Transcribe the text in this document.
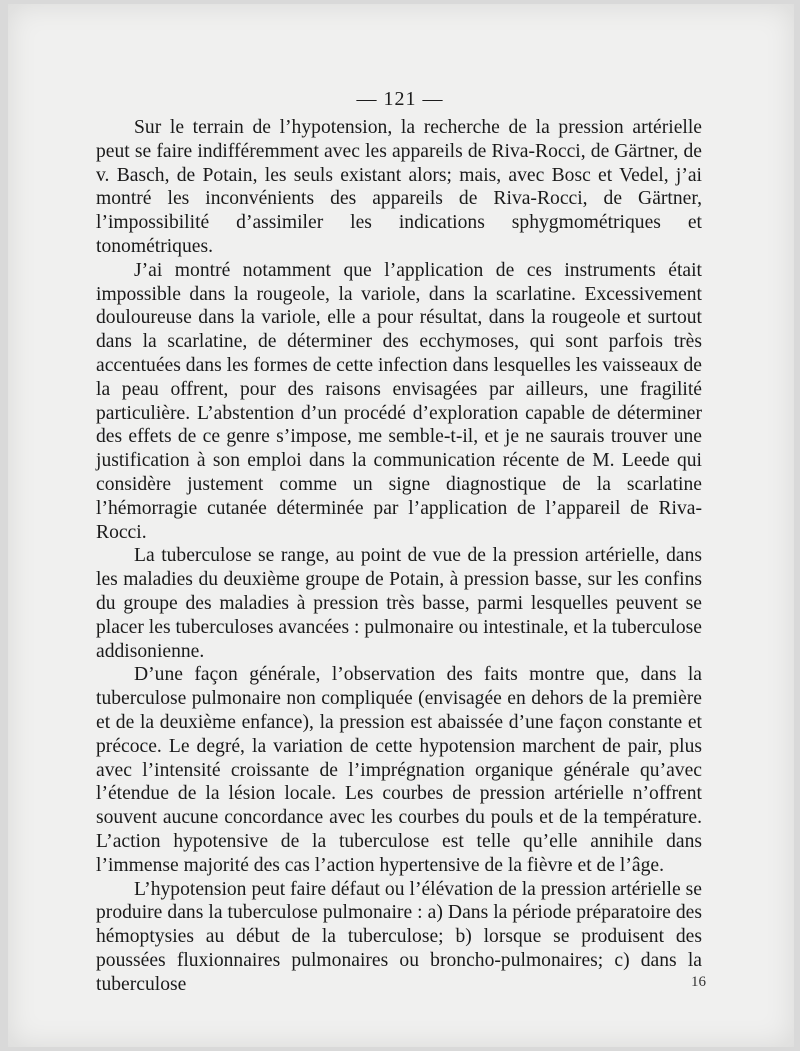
— 121 —

Sur le terrain de l’hypotension, la recherche de la pression artérielle peut se faire indifféremment avec les appareils de Riva-Rocci, de Gärtner, de v. Basch, de Potain, les seuls existant alors; mais, avec Bosc et Vedel, j’ai montré les inconvénients des appareils de Riva-Rocci, de Gärtner, l’impossibilité d’assimiler les indications sphygmométriques et tonométriques.

J’ai montré notamment que l’application de ces instruments était impossible dans la rougeole, la variole, dans la scarlatine. Excessivement douloureuse dans la variole, elle a pour résultat, dans la rougeole et surtout dans la scarlatine, de déterminer des ecchymoses, qui sont parfois très accentuées dans les formes de cette infection dans lesquelles les vaisseaux de la peau offrent, pour des raisons envisagées par ailleurs, une fragilité particulière. L’abstention d’un procédé d’exploration capable de déterminer des effets de ce genre s’impose, me semble-t-il, et je ne saurais trouver une justification à son emploi dans la communication récente de M. Leede qui considère justement comme un signe diagnostique de la scarlatine l’hémorragie cutanée déterminée par l’application de l’appareil de Riva-Rocci.

La tuberculose se range, au point de vue de la pression artérielle, dans les maladies du deuxième groupe de Potain, à pression basse, sur les confins du groupe des maladies à pression très basse, parmi lesquelles peuvent se placer les tuberculoses avancées : pulmonaire ou intestinale, et la tuberculose addisonienne.

D’une façon générale, l’observation des faits montre que, dans la tuberculose pulmonaire non compliquée (envisagée en dehors de la première et de la deuxième enfance), la pression est abaissée d’une façon constante et précoce. Le degré, la variation de cette hypotension marchent de pair, plus avec l’intensité croissante de l’imprégnation organique générale qu’avec l’étendue de la lésion locale. Les courbes de pression artérielle n’offrent souvent aucune concordance avec les courbes du pouls et de la température. L’action hypotensive de la tuberculose est telle qu’elle annihile dans l’immense majorité des cas l’action hypertensive de la fièvre et de l’âge.

L’hypotension peut faire défaut ou l’élévation de la pression artérielle se produire dans la tuberculose pulmonaire : a) Dans la période préparatoire des hémoptysies au début de la tuberculose; b) lorsque se produisent des poussées fluxionnaires pulmonaires ou broncho-pulmonaires; c) dans la tuberculose	16
